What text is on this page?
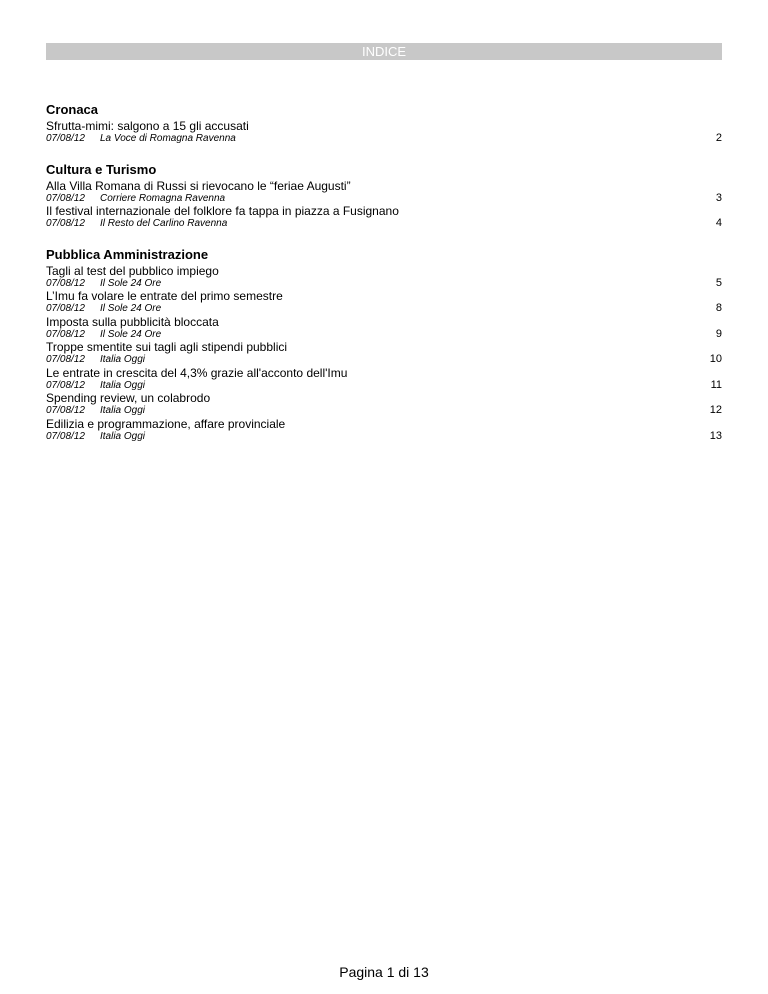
INDICE
Cronaca
Sfrutta-mimi: salgono a 15 gli accusati
07/08/12 La Voce di Romagna Ravenna	2
Cultura e Turismo
Alla Villa Romana di Russi si rievocano le “feriae Augusti”
07/08/12 Corriere Romagna Ravenna	3
Il festival internazionale del folklore fa tappa in piazza a Fusignano
07/08/12 Il Resto del Carlino Ravenna	4
Pubblica Amministrazione
Tagli al test del pubblico impiego
07/08/12 Il Sole 24 Ore	5
L’Imu fa volare le entrate del primo semestre
07/08/12 Il Sole 24 Ore	8
Imposta sulla pubblicità bloccata
07/08/12 Il Sole 24 Ore	9
Troppe smentite sui tagli agli stipendi pubblici
07/08/12 Italia Oggi	10
Le entrate in crescita del 4,3% grazie all'acconto dell'Imu
07/08/12 Italia Oggi	11
Spending review, un colabrodo
07/08/12 Italia Oggi	12
Edilizia e programmazione, affare provinciale
07/08/12 Italia Oggi	13
Pagina 1 di 13
